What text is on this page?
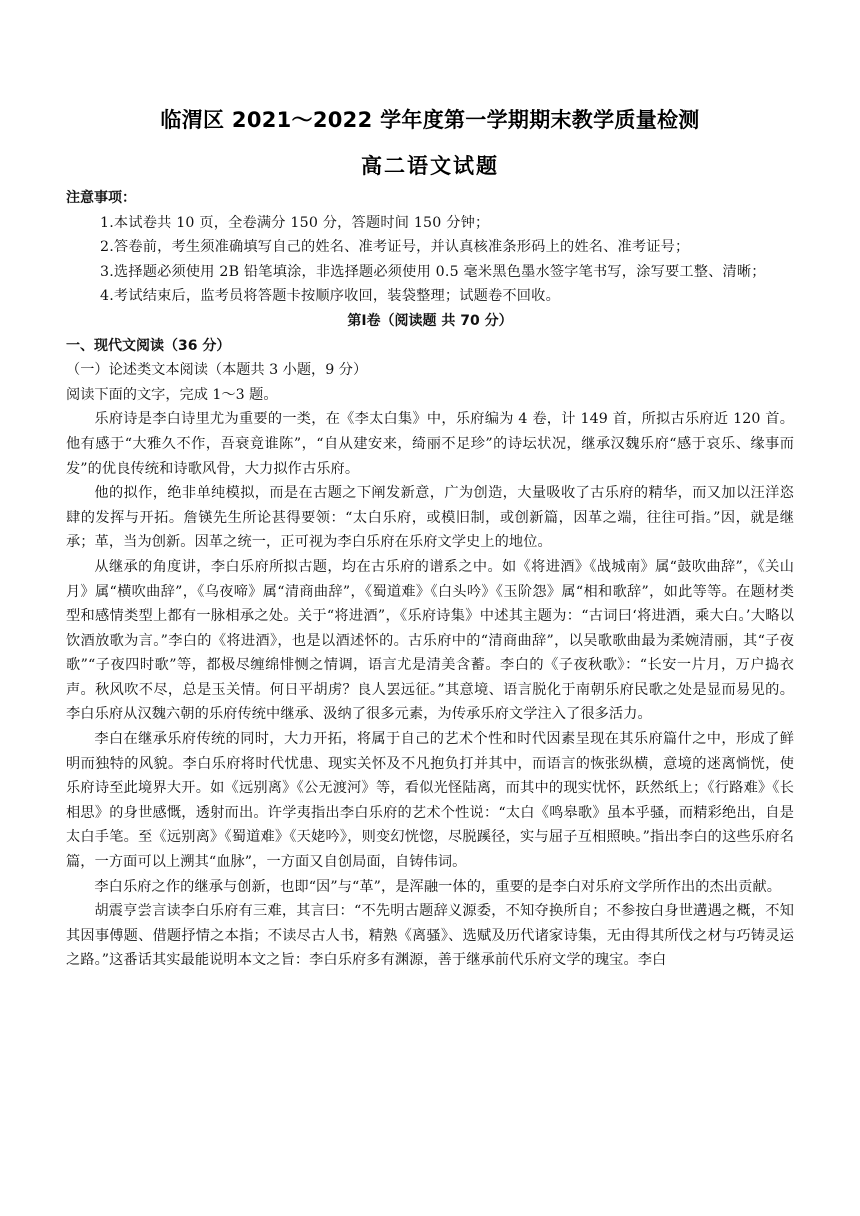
临渭区 2021～2022 学年度第一学期期末教学质量检测
高二语文试题

注意事项：

1.本试卷共 10 页，全卷满分 150 分，答题时间 150 分钟；

2.答卷前，考生须准确填写自己的姓名、准考证号，并认真核准条形码上的姓名、准考证号；

3.选择题必须使用 2B 铅笔填涂，非选择题必须使用 0.5 毫米黑色墨水签字笔书写，涂写要工整、清晰；

4.考试结束后，监考员将答题卡按顺序收回，装袋整理；试题卷不回收。

第Ⅰ卷（阅读题 共 70 分）

一、现代文阅读（36 分）

（一）论述类文本阅读（本题共 3 小题，9 分）

阅读下面的文字，完成 1～3 题。

乐府诗是李白诗里尤为重要的一类，在《李太白集》中，乐府编为 4 卷，计 149 首，所拟古乐府近 120 首。他有感于“大雅久不作，吾衰竟谁陈”，“自从建安来，绮丽不足珍”的诗坛状况，继承汉魏乐府“感于哀乐、缘事而发”的优良传统和诗歌风骨，大力拟作古乐府。

他的拟作，绝非单纯模拟，而是在古题之下阐发新意，广为创造，大量吸收了古乐府的精华，而又加以汪洋恣肆的发挥与开拓。詹锳先生所论甚得要领：“太白乐府，或模旧制，或创新篇，因革之端，往往可指。”因，就是继承；革，当为创新。因革之统一，正可视为李白乐府在乐府文学史上的地位。

从继承的角度讲，李白乐府所拟古题，均在古乐府的谱系之中。如《将进酒》《战城南》属“鼓吹曲辞”，《关山月》属“横吹曲辞”，《乌夜啼》属“清商曲辞”，《蜀道难》《白头吟》《玉阶怨》属“相和歌辞”，如此等等。在题材类型和感情类型上都有一脉相承之处。关于“将进酒”，《乐府诗集》中述其主题为：“古词曰‘将进酒，乘大白。’大略以饮酒放歌为言。”李白的《将进酒》，也是以酒述怀的。古乐府中的“清商曲辞”，以吴歌歌曲最为柔婉清丽，其“子夜歌”“子夜四时歌”等，都极尽缠绵悱恻之情调，语言尤是清美含蓄。李白的《子夜秋歌》：“长安一片月，万户捣衣声。秋风吹不尽，总是玉关情。何日平胡虏？良人罢远征。”其意境、语言脱化于南朝乐府民歌之处是显而易见的。李白乐府从汉魏六朝的乐府传统中继承、汲纳了很多元素，为传承乐府文学注入了很多活力。

李白在继承乐府传统的同时，大力开拓，将属于自己的艺术个性和时代因素呈现在其乐府篇什之中，形成了鲜明而独特的风貌。李白乐府将时代忧患、现实关怀及不凡抱负打并其中，而语言的恢张纵横，意境的迷离惝恍，使乐府诗至此境界大开。如《远别离》《公无渡河》等，看似光怪陆离，而其中的现实忧怀，跃然纸上；《行路难》《长相思》的身世感慨，透射而出。许学夷指出李白乐府的艺术个性说：“太白《鸣皋歌》虽本乎骚，而精彩绝出，自是太白手笔。至《远别离》《蜀道难》《天姥吟》，则变幻恍惚，尽脱蹊径，实与屈子互相照映。”指出李白的这些乐府名篇，一方面可以上溯其“血脉”，一方面又自创局面，自铸伟词。

李白乐府之作的继承与创新，也即“因”与“革”，是浑融一体的，重要的是李白对乐府文学所作出的杰出贡献。

胡震亨尝言读李白乐府有三难，其言曰：“不先明古题辞义源委，不知夺换所自；不参按白身世遘遇之概，不知其因事傅题、借题抒情之本指；不读尽古人书，精熟《离骚》、选赋及历代诸家诗集，无由得其所伐之材与巧铸灵运之路。”这番话其实最能说明本文之旨：李白乐府多有渊源，善于继承前代乐府文学的瑰宝。李白
